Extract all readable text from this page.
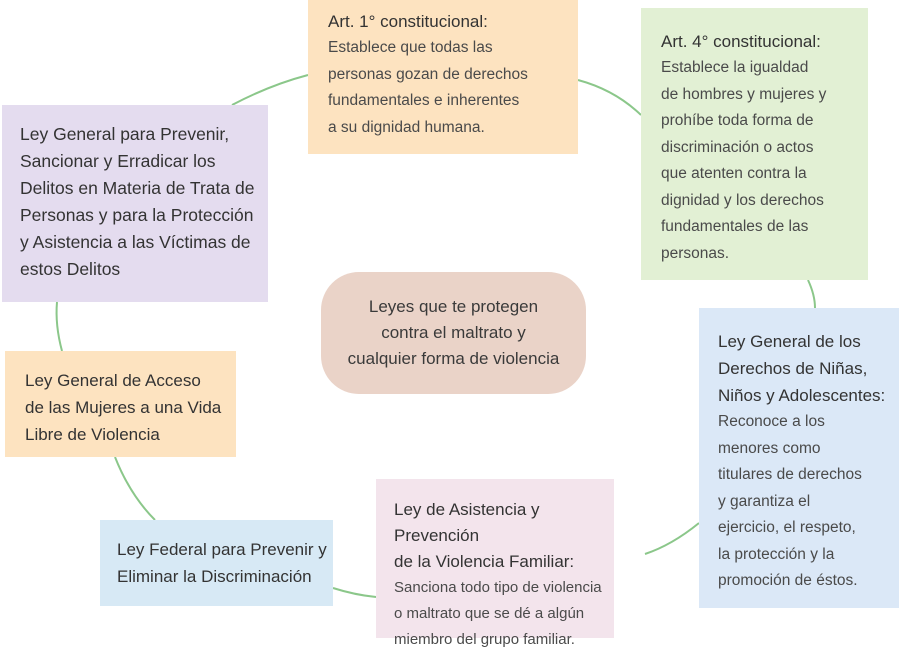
Art. 1° constitucional:
Establece que todas las
personas gozan de derechos
fundamentales e inherentes
a su dignidad humana.
Art. 4° constitucional:
Establece la igualdad
de hombres y mujeres y
prohíbe toda forma de
discriminación o actos
que atenten contra la
dignidad y los derechos
fundamentales de las
personas.
Ley General para Prevenir,
Sancionar y Erradicar los
Delitos en Materia de Trata de
Personas y para la Protección
y Asistencia a las Víctimas de
estos Delitos
Leyes que te protegen
contra el maltrato y
cualquier forma de violencia
Ley General de los
Derechos de Niñas,
Niños y Adolescentes:
Reconoce a los
menores como
titulares de derechos
y garantiza el
ejercicio, el respeto,
la protección y la
promoción de éstos.
Ley General de Acceso
de las Mujeres a una Vida
Libre de Violencia
Ley Federal para Prevenir y
Eliminar la Discriminación
Ley de Asistencia y Prevención
de la Violencia Familiar:
Sanciona todo tipo de violencia
o maltrato que se dé a algún
miembro del grupo familiar.
